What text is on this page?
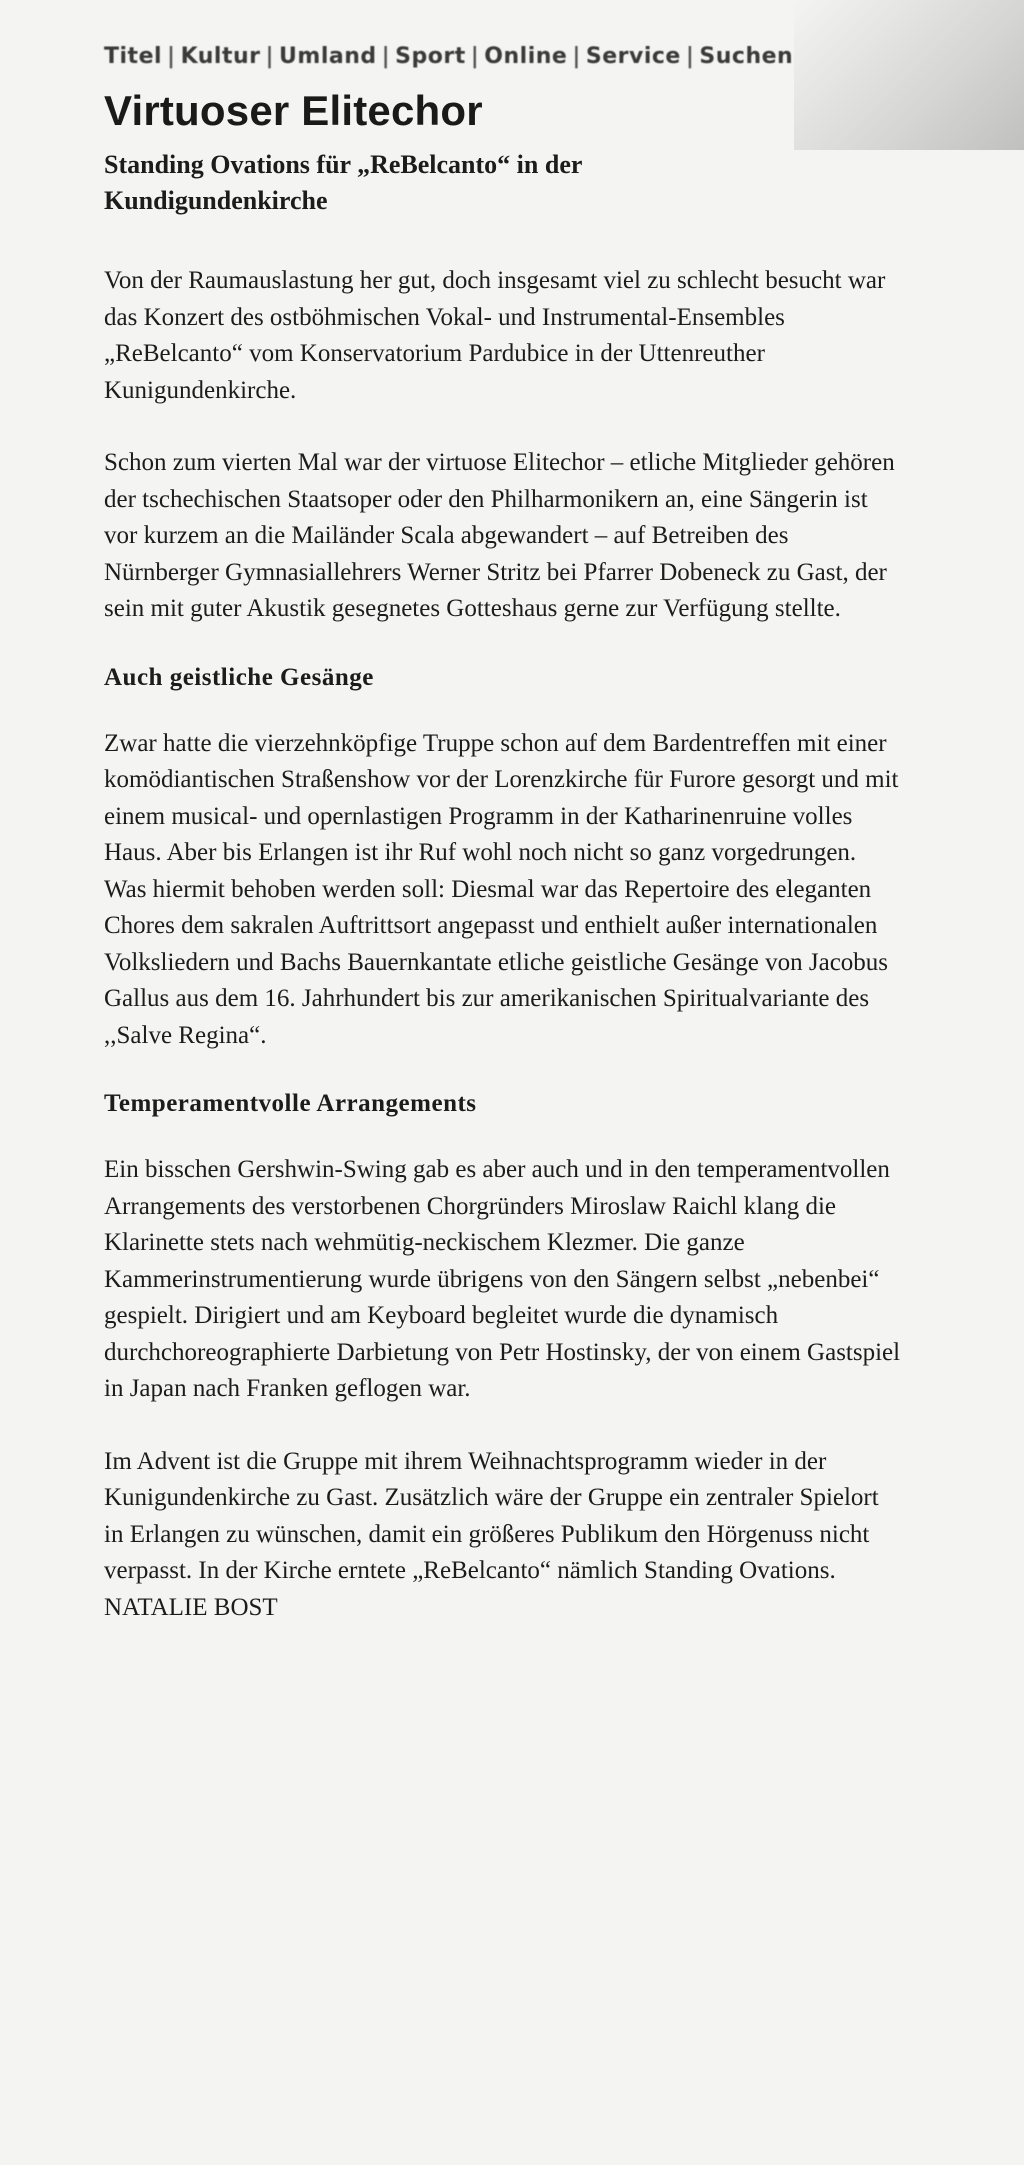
Titel | Kultur | Umland | Sport | Online | Service | Suchen
Virtuoser Elitechor
Standing Ovations für „ReBelcanto“ in der Kundigundenkirche

Von der Raumauslastung her gut, doch insgesamt viel zu schlecht besucht war das Konzert des ostböhmischen Vokal- und Instrumental-Ensembles „ReBelcanto“ vom Konservatorium Pardubice in der Uttenreuther Kunigundenkirche.

Schon zum vierten Mal war der virtuose Elitechor – etliche Mitglieder gehören der tschechischen Staatsoper oder den Philharmonikern an, eine Sängerin ist vor kurzem an die Mailänder Scala abgewandert – auf Betreiben des Nürnberger Gymnasiallehrers Werner Stritz bei Pfarrer Dobeneck zu Gast, der sein mit guter Akustik gesegnetes Gotteshaus gerne zur Verfügung stellte.

Auch geistliche Gesänge

Zwar hatte die vierzehnköpfige Truppe schon auf dem Bardentreffen mit einer komödiantischen Straßenshow vor der Lorenzkirche für Furore gesorgt und mit einem musical- und opernlastigen Programm in der Katharinenruine volles Haus. Aber bis Erlangen ist ihr Ruf wohl noch nicht so ganz vorgedrungen. Was hiermit behoben werden soll: Diesmal war das Repertoire des eleganten Chores dem sakralen Auftrittsort angepasst und enthielt außer internationalen Volksliedern und Bachs Bauernkantate etliche geistliche Gesänge von Jacobus Gallus aus dem 16. Jahrhundert bis zur amerikanischen Spiritualvariante des ,,Salve Regina“.

Temperamentvolle Arrangements

Ein bisschen Gershwin-Swing gab es aber auch und in den temperamentvollen Arrangements des verstorbenen Chorgründers Miroslaw Raichl klang die Klarinette stets nach wehmütig-neckischem Klezmer. Die ganze Kammerinstrumentierung wurde übrigens von den Sängern selbst „nebenbei“ gespielt. Dirigiert und am Keyboard begleitet wurde die dynamisch durchchoreographierte Darbietung von Petr Hostinsky, der von einem Gastspiel in Japan nach Franken geflogen war.

Im Advent ist die Gruppe mit ihrem Weihnachtsprogramm wieder in der Kunigundenkirche zu Gast. Zusätzlich wäre der Gruppe ein zentraler Spielort in Erlangen zu wünschen, damit ein größeres Publikum den Hörgenuss nicht verpasst. In der Kirche erntete „ReBelcanto“ nämlich Standing Ovations. NATALIE BOST
